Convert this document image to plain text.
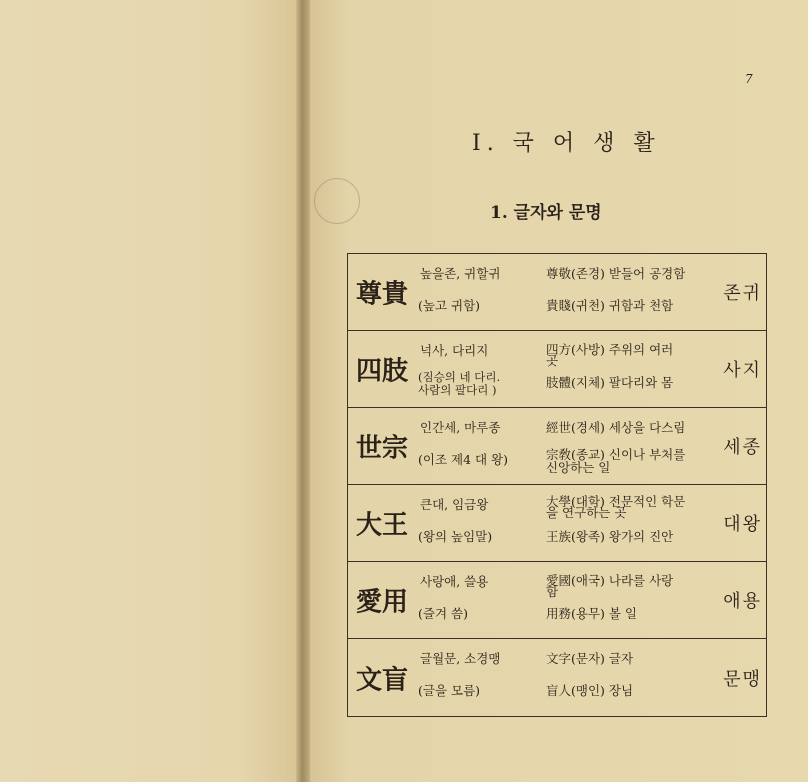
7
I. 국 어 생 활
1. 글자와 문명
尊貴
높을존, 귀할귀
(높고 귀함)
尊敬(존경) 받들어 공경함
貴賤(귀천) 귀함과 천함
존귀
四肢
넉사, 다리지
(짐승의 네 다리.
사람의 팔다리 )
四方(사방) 주위의 여러
곳
肢體(지체) 팔다리와 몸
사지
世宗
인간세, 마루종
(이조 제4 대 왕)
經世(경세) 세상을 다스림
宗敎(종교) 신이나 부처를
신앙하는 일
세종
大王
큰대, 임금왕
(왕의 높임말)
大學(대학) 전문적인 학문
을 연구하는 곳
王族(왕족) 왕가의 진안
대왕
愛用
사랑애, 쓸용
(즐겨 씀)
愛國(애국) 나라를 사랑
함
用務(용무) 볼 일
애용
文盲
글월문, 소경맹
(글을 모름)
文字(문자) 글자
盲人(맹인) 장님
문맹
